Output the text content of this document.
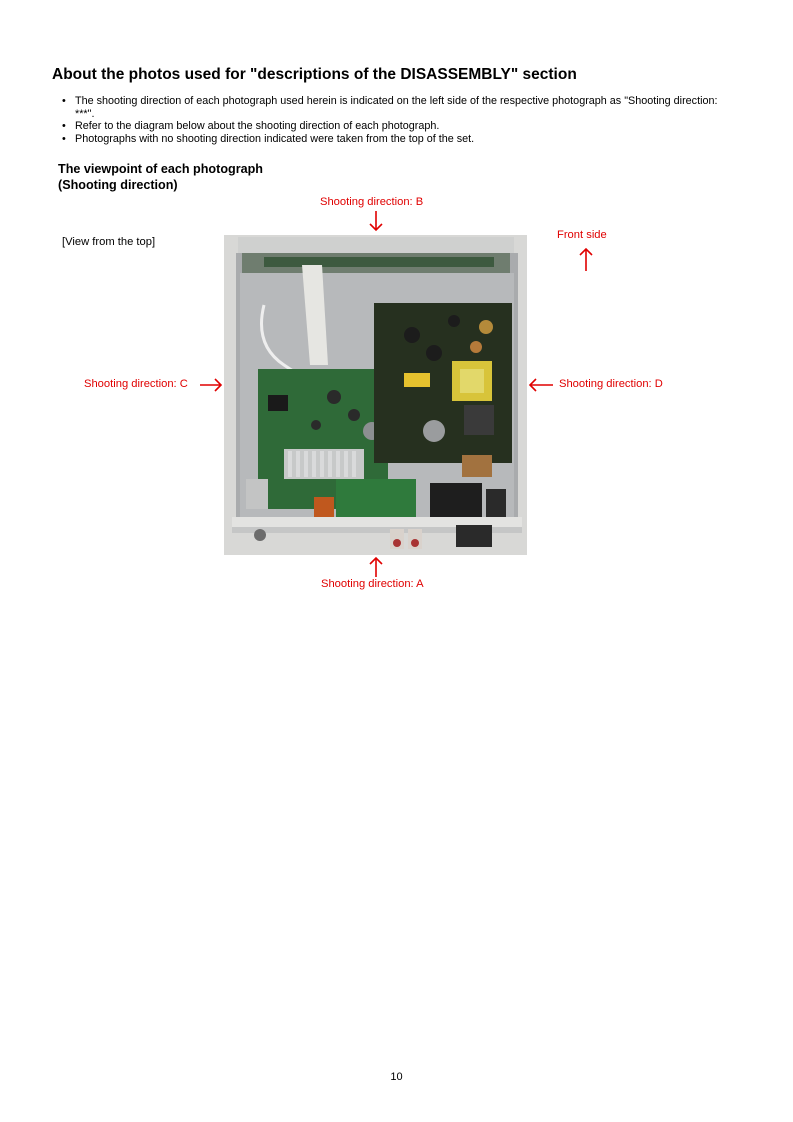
About the photos used for "descriptions of the DISASSEMBLY" section
• The shooting direction of each photograph used herein is indicated on the left side of the respective photograph as "Shooting direction: ***".
• Refer to the diagram below about the shooting direction of each photograph.
• Photographs with no shooting direction indicated were taken from the top of the set.
The viewpoint of each photograph
(Shooting direction)
Shooting direction: B
[View from the top]
Front side
Shooting direction: C	Shooting direction: D
Shooting direction: A
10
